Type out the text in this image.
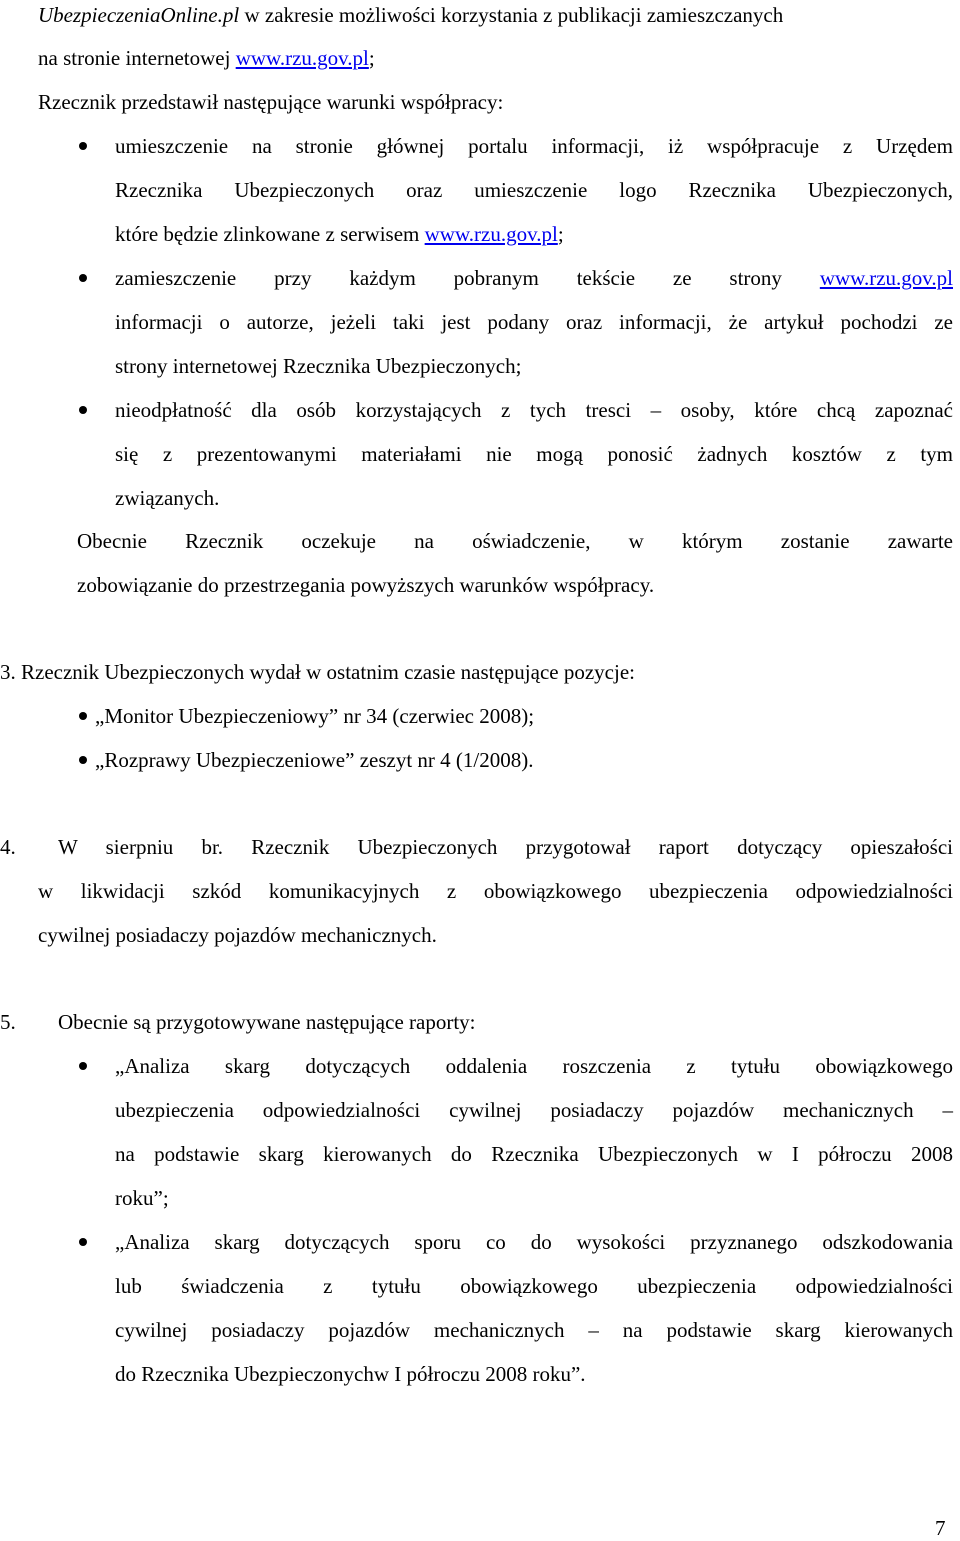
UbezpieczeniaOnline.pl w zakresie możliwości korzystania z publikacji zamieszczanych
na stronie internetowej www.rzu.gov.pl;
Rzecznik przedstawił następujące warunki współpracy:
umieszczenie na stronie głównej portalu informacji, iż współpracuje z Urzędem
Rzecznika Ubezpieczonych oraz umieszczenie logo Rzecznika Ubezpieczonych,
które będzie zlinkowane z serwisem www.rzu.gov.pl;
zamieszczenie przy każdym pobranym tekście ze strony www.rzu.gov.pl
informacji o autorze, jeżeli taki jest podany oraz informacji, że artykuł pochodzi ze
strony internetowej Rzecznika Ubezpieczonych;
nieodpłatność dla osób korzystających z tych tresci – osoby, które chcą zapoznać
się z prezentowanymi materiałami nie mogą ponosić żadnych kosztów z tym
związanych.
Obecnie Rzecznik oczekuje na oświadczenie, w którym zostanie zawarte
zobowiązanie do przestrzegania powyższych warunków współpracy.
3. Rzecznik Ubezpieczonych wydał w ostatnim czasie następujące pozycje:
„Monitor Ubezpieczeniowy” nr 34 (czerwiec 2008);
„Rozprawy Ubezpieczeniowe” zeszyt nr 4 (1/2008).
4. W sierpniu br. Rzecznik Ubezpieczonych przygotował raport dotyczący opieszałości
w likwidacji szkód komunikacyjnych z obowiązkowego ubezpieczenia odpowiedzialności
cywilnej posiadaczy pojazdów mechanicznych.
5. Obecnie są przygotowywane następujące raporty:
„Analiza skarg dotyczących oddalenia roszczenia z tytułu obowiązkowego
ubezpieczenia odpowiedzialności cywilnej posiadaczy pojazdów mechanicznych –
na podstawie skarg kierowanych do Rzecznika Ubezpieczonych w I półroczu 2008
roku”;
„Analiza skarg dotyczących sporu co do wysokości przyznanego odszkodowania
lub świadczenia z tytułu obowiązkowego ubezpieczenia odpowiedzialności
cywilnej posiadaczy pojazdów mechanicznych – na podstawie skarg kierowanych
do Rzecznika Ubezpieczonychw I półroczu 2008 roku”.
7
